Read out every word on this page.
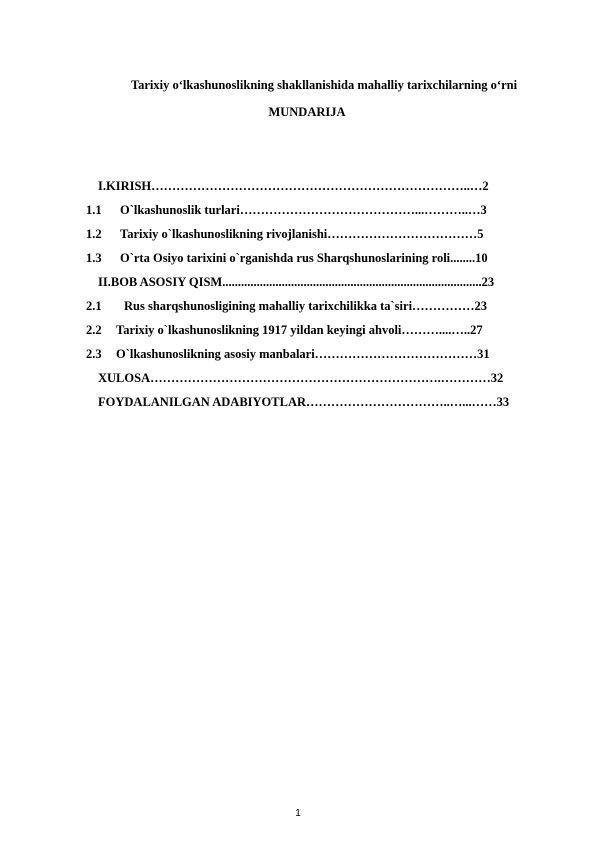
Tarixiy o‘lkashunoslikning shakllanishida mahalliy tarixchilarning o‘rni
MUNDARIJA
I.KIRISH…………………………………………………………………..…2
1.1 O`lkashunoslik turlari……………………………………...………..…3
1.2 Tarixiy o`lkashunoslikning rivojlanishi………………………………5
1.3 O`rta Osiyo tarixini o`rganishda rus Sharqshunoslarining roli........10
II.BOB ASOSIY QISM...................................................................................23
2.1 Rus sharqshunosligining mahalliy tarixchilikka ta`siri……………23
2.2 Tarixiy o`lkashunoslikning 1917 yildan keyingi ahvoli………....…..27
2.3 O`lkashunoslikning asosiy manbalari…………………………………31
XULOSA…………………………………………………………….…………32
FOYDALANILGAN ADABIYOTLAR……………………………..…...……33
1
